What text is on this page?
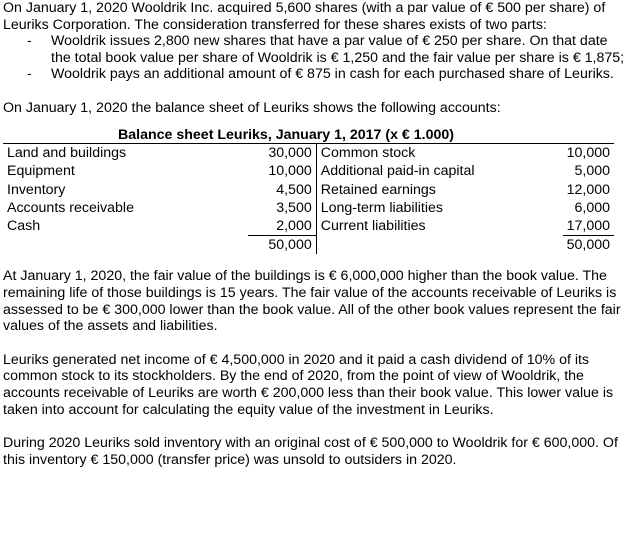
On January 1, 2020 Wooldrik Inc. acquired 5,600 shares (with a par value of € 500 per share) of Leuriks Corporation. The consideration transferred for these shares exists of two parts:

- Wooldrik issues 2,800 new shares that have a par value of € 250 per share. On that date the total book value per share of Wooldrik is € 1,250 and the fair value per share is € 1,875;
- Wooldrik pays an additional amount of € 875 in cash for each purchased share of Leuriks.

On January 1, 2020 the balance sheet of Leuriks shows the following accounts:

Balance sheet Leuriks, January 1, 2017 (x € 1.000)
Land and buildings	30,000	Common stock	10,000
Equipment	10,000	Additional paid-in capital	5,000
Inventory	4,500	Retained earnings	12,000
Accounts receivable	3,500	Long-term liabilities	6,000
Cash	2,000	Current liabilities	17,000
	50,000		50,000

At January 1, 2020, the fair value of the buildings is € 6,000,000 higher than the book value. The remaining life of those buildings is 15 years. The fair value of the accounts receivable of Leuriks is assessed to be € 300,000 lower than the book value. All of the other book values represent the fair values of the assets and liabilities.

Leuriks generated net income of € 4,500,000 in 2020 and it paid a cash dividend of 10% of its common stock to its stockholders. By the end of 2020, from the point of view of Wooldrik, the accounts receivable of Leuriks are worth € 200,000 less than their book value. This lower value is taken into account for calculating the equity value of the investment in Leuriks.

During 2020 Leuriks sold inventory with an original cost of € 500,000 to Wooldrik for € 600,000. Of this inventory € 150,000 (transfer price) was unsold to outsiders in 2020.
